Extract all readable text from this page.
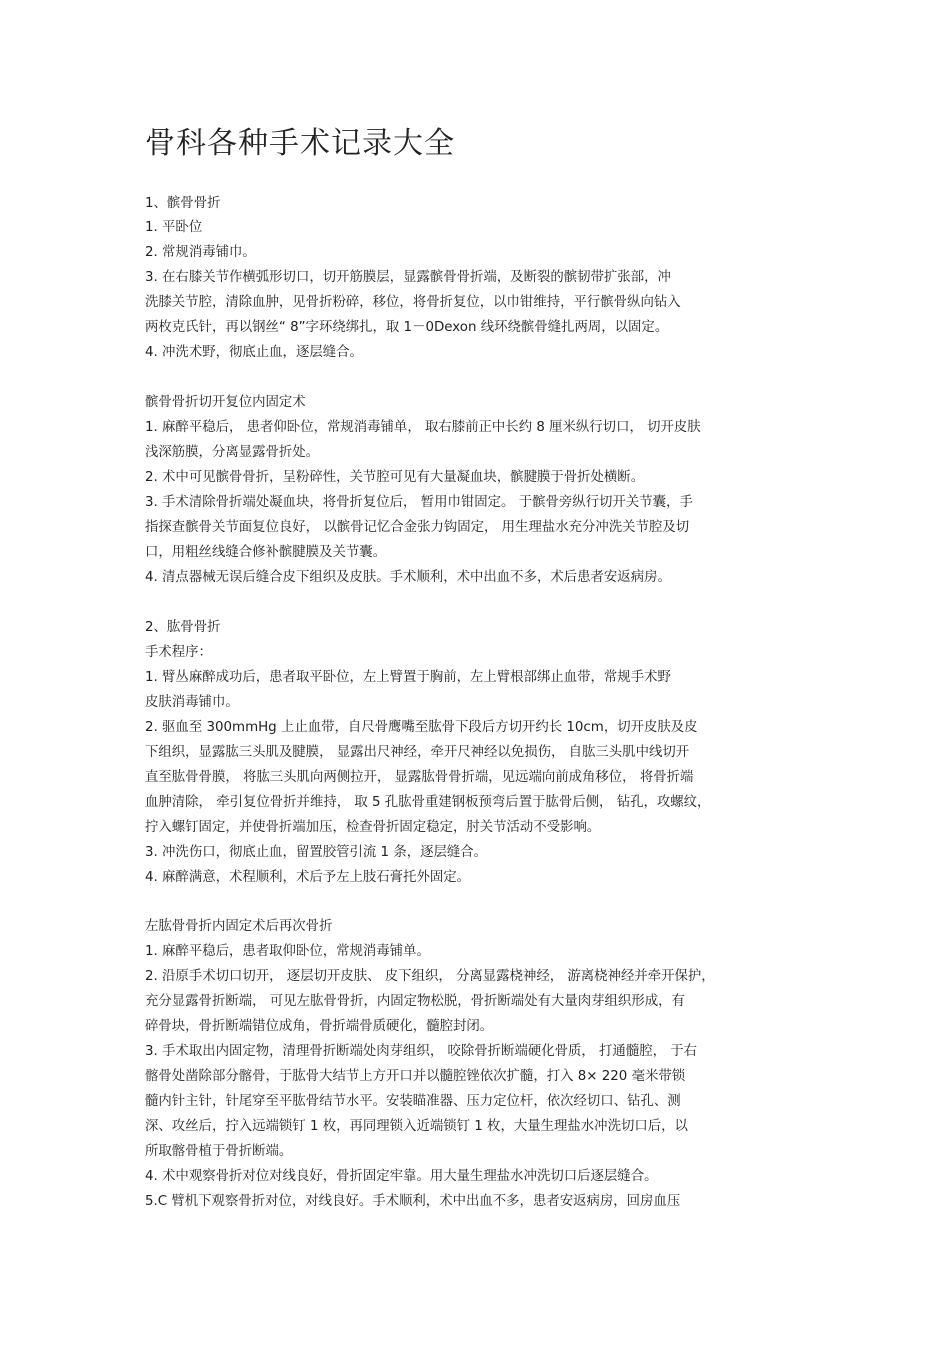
骨科各种手术记录大全
1、髌骨骨折
1. 平卧位
2. 常规消毒铺巾。
3. 在右膝关节作横弧形切口，切开筋膜层，显露髌骨骨折端，及断裂的髌韧带扩张部，冲
洗膝关节腔，清除血肿，见骨折粉碎，移位，将骨折复位，以巾钳维持，平行髌骨纵向钻入
两枚克氏针，再以钢丝“ 8”字环绕绑扎，取 1－0Dexon 线环绕髌骨缝扎两周，以固定。
4. 冲洗术野，彻底止血，逐层缝合。
髌骨骨折切开复位内固定术
1. 麻醉平稳后， 患者仰卧位，常规消毒铺单， 取右膝前正中长约 8 厘米纵行切口， 切开皮肤
浅深筋膜，分离显露骨折处。
2. 术中可见髌骨骨折，呈粉碎性，关节腔可见有大量凝血块，髌腱膜于骨折处横断。
3. 手术清除骨折端处凝血块，将骨折复位后， 暂用巾钳固定。 于髌骨旁纵行切开关节囊，手
指探查髌骨关节面复位良好， 以髌骨记忆合金张力钩固定， 用生理盐水充分冲洗关节腔及切
口，用粗丝线缝合修补髌腱膜及关节囊。
4. 清点器械无误后缝合皮下组织及皮肤。手术顺利，术中出血不多，术后患者安返病房。
2、肱骨骨折
手术程序：
1. 臂丛麻醉成功后，患者取平卧位，左上臂置于胸前，左上臂根部绑止血带，常规手术野
皮肤消毒铺巾。
2. 驱血至 300mmHg 上止血带，自尺骨鹰嘴至肱骨下段后方切开约长 10cm，切开皮肤及皮
下组织，显露肱三头肌及腱膜， 显露出尺神经，牵开尺神经以免损伤， 自肱三头肌中线切开
直至肱骨骨膜， 将肱三头肌向两侧拉开， 显露肱骨骨折端，见远端向前成角移位， 将骨折端
血肿清除， 牵引复位骨折并维持， 取 5 孔肱骨重建钢板预弯后置于肱骨后侧， 钻孔，攻螺纹，
拧入螺钉固定，并使骨折端加压，检查骨折固定稳定，肘关节活动不受影响。
3. 冲洗伤口，彻底止血，留置胶管引流 1 条，逐层缝合。
4. 麻醉满意，术程顺利，术后予左上肢石膏托外固定。
左肱骨骨折内固定术后再次骨折
1. 麻醉平稳后，患者取仰卧位，常规消毒铺单。
2. 沿原手术切口切开， 逐层切开皮肤、 皮下组织， 分离显露桡神经， 游离桡神经并牵开保护，
充分显露骨折断端， 可见左肱骨骨折，内固定物松脱，骨折断端处有大量肉芽组织形成，有
碎骨块，骨折断端错位成角，骨折端骨质硬化，髓腔封闭。
3. 手术取出内固定物，清理骨折断端处肉芽组织， 咬除骨折断端硬化骨质， 打通髓腔， 于右
髂骨处凿除部分髂骨，于肱骨大结节上方开口并以髓腔锉依次扩髓，打入 8× 220 毫米带锁
髓内针主针，针尾穿至平肱骨结节水平。安装瞄准器、压力定位杆，依次经切口、钻孔、测
深、攻丝后，拧入远端锁钉 1 枚，再同理锁入近端锁钉 1 枚，大量生理盐水冲洗切口后，以
所取髂骨植于骨折断端。
4. 术中观察骨折对位对线良好，骨折固定牢靠。用大量生理盐水冲洗切口后逐层缝合。
5.C 臂机下观察骨折对位，对线良好。手术顺利，术中出血不多，患者安返病房，回房血压
